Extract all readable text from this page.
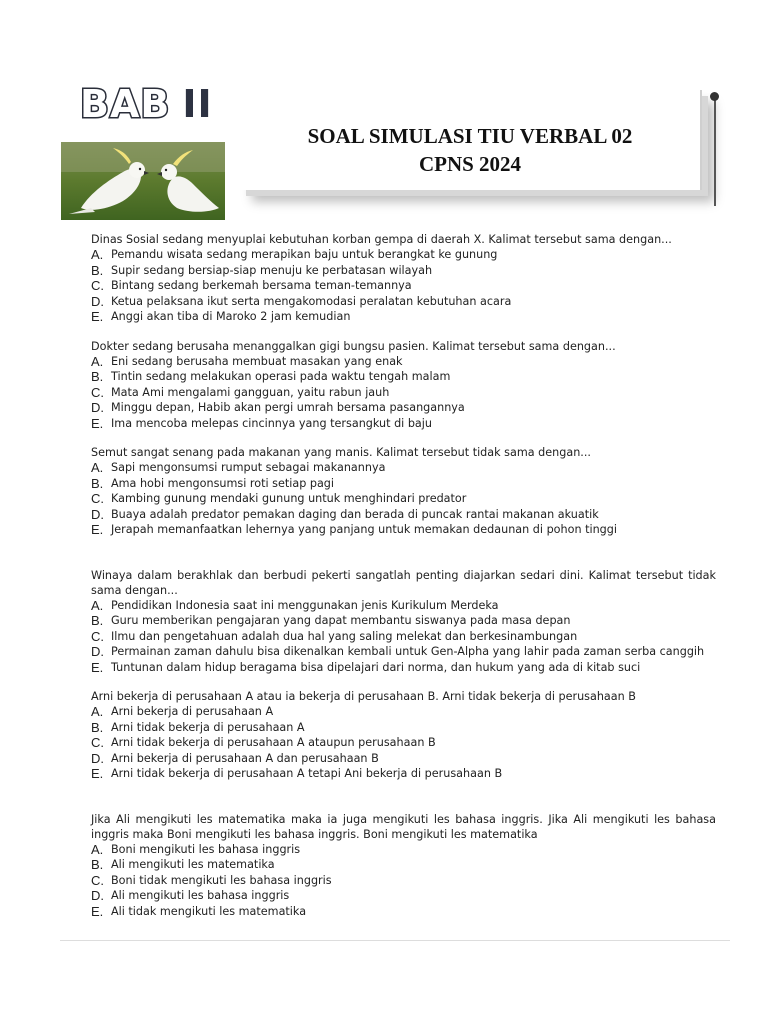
BAB II
SOAL SIMULASI TIU VERBAL 02
CPNS 2024
Dinas Sosial sedang menyuplai kebutuhan korban gempa di daerah X. Kalimat tersebut sama dengan...
A. Pemandu wisata sedang merapikan baju untuk berangkat ke gunung
B. Supir sedang bersiap-siap menuju ke perbatasan wilayah
C. Bintang sedang berkemah bersama teman-temannya
D. Ketua pelaksana ikut serta mengakomodasi peralatan kebutuhan acara
E. Anggi akan tiba di Maroko 2 jam kemudian
Dokter sedang berusaha menanggalkan gigi bungsu pasien. Kalimat tersebut sama dengan...
A. Eni sedang berusaha membuat masakan yang enak
B. Tintin sedang melakukan operasi pada waktu tengah malam
C. Mata Ami mengalami gangguan, yaitu rabun jauh
D. Minggu depan, Habib akan pergi umrah bersama pasangannya
E. Ima mencoba melepas cincinnya yang tersangkut di baju
Semut sangat senang pada makanan yang manis. Kalimat tersebut tidak sama dengan...
A. Sapi mengonsumsi rumput sebagai makanannya
B. Ama hobi mengonsumsi roti setiap pagi
C. Kambing gunung mendaki gunung untuk menghindari predator
D. Buaya adalah predator pemakan daging dan berada di puncak rantai makanan akuatik
E. Jerapah memanfaatkan lehernya yang panjang untuk memakan dedaunan di pohon tinggi
Winaya dalam berakhlak dan berbudi pekerti sangatlah penting diajarkan sedari dini. Kalimat tersebut tidak sama dengan...
A. Pendidikan Indonesia saat ini menggunakan jenis Kurikulum Merdeka
B. Guru memberikan pengajaran yang dapat membantu siswanya pada masa depan
C. Ilmu dan pengetahuan adalah dua hal yang saling melekat dan berkesinambungan
D. Permainan zaman dahulu bisa dikenalkan kembali untuk Gen-Alpha yang lahir pada zaman serba canggih
E. Tuntunan dalam hidup beragama bisa dipelajari dari norma, dan hukum yang ada di kitab suci
Arni bekerja di perusahaan A atau ia bekerja di perusahaan B. Arni tidak bekerja di perusahaan B
A. Arni bekerja di perusahaan A
B. Arni tidak bekerja di perusahaan A
C. Arni tidak bekerja di perusahaan A ataupun perusahaan B
D. Arni bekerja di perusahaan A dan perusahaan B
E. Arni tidak bekerja di perusahaan A tetapi Ani bekerja di perusahaan B
Jika Ali mengikuti les matematika maka ia juga mengikuti les bahasa inggris. Jika Ali mengikuti les bahasa inggris maka Boni mengikuti les bahasa inggris. Boni mengikuti les matematika
A. Boni mengikuti les bahasa inggris
B. Ali mengikuti les matematika
C. Boni tidak mengikuti les bahasa inggris
D. Ali mengikuti les bahasa inggris
E. Ali tidak mengikuti les matematika
